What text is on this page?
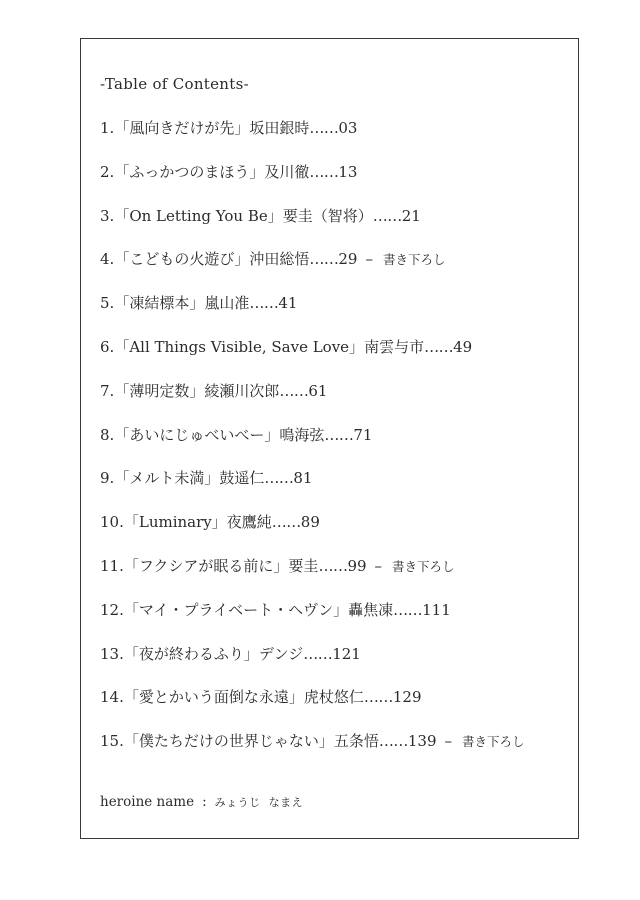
-Table of Contents-
1.「風向きだけが先」坂田銀時……03
2.「ふっかつのまほう」及川徹……13
3.「On Letting You Be」要圭（智将）……21
4.「こどもの火遊び」沖田総悟……29 – 書き下ろし
5.「凍結標本」嵐山准……41
6.「All Things Visible, Save Love」南雲与市……49
7.「薄明定数」綾瀬川次郎……61
8.「あいにじゅべいべー」鳴海弦……71
9.「メルト未満」鼓遥仁……81
10.「Luminary」夜鷹純……89
11.「フクシアが眠る前に」要圭……99 – 書き下ろし
12.「マイ・プライベート・ヘヴン」轟焦凍……111
13.「夜が終わるふり」デンジ……121
14.「愛とかいう面倒な永遠」虎杖悠仁……129
15.「僕たちだけの世界じゃない」五条悟……139 – 書き下ろし
heroine name : みょうじ なまえ
